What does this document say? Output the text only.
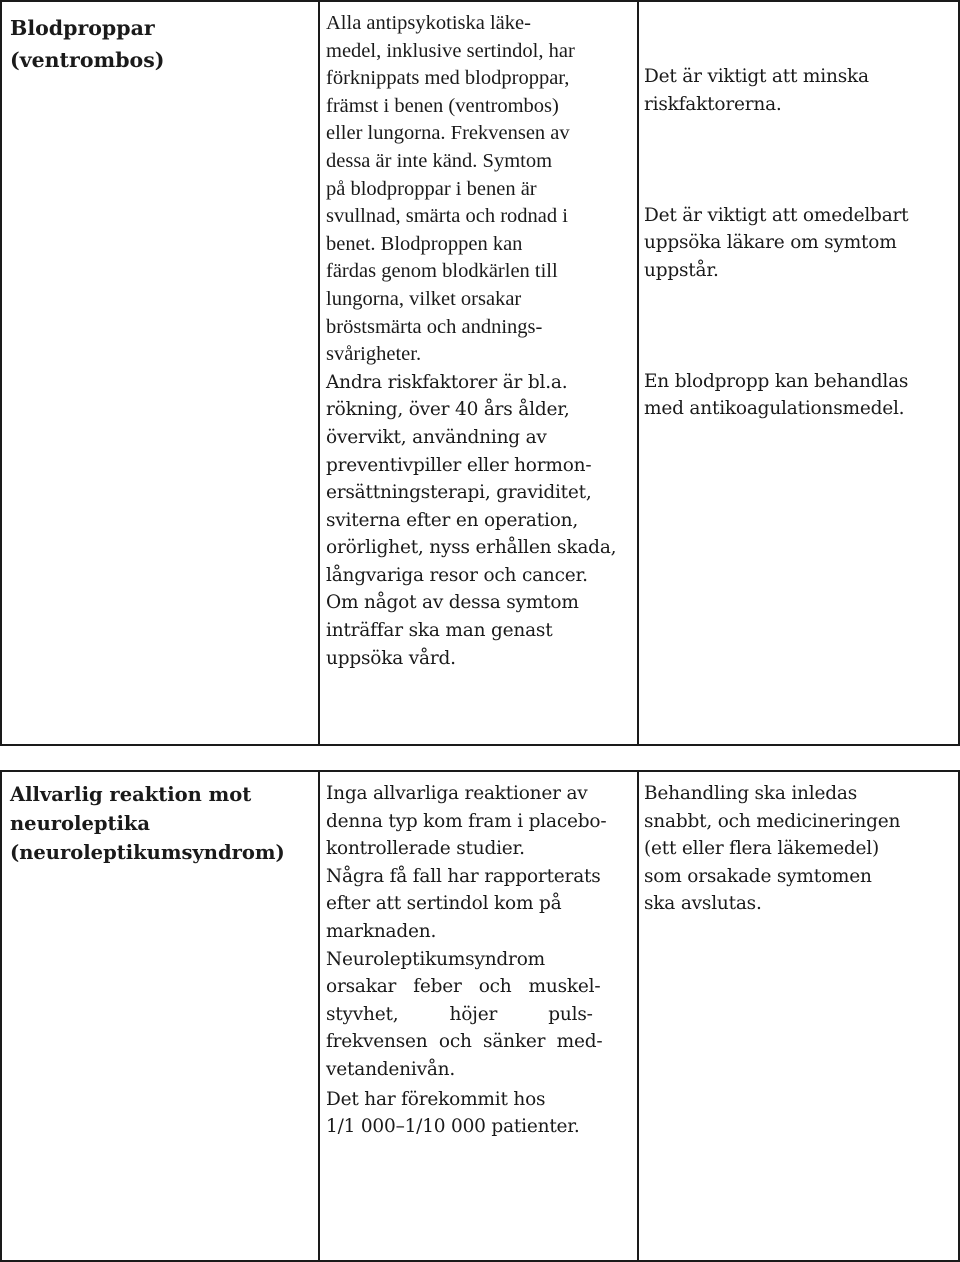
Blodproppar
(ventrombos)
Alla antipsykotiska läke-
medel, inklusive sertindol, har
förknippats med blodproppar,
främst i benen (ventrombos)
eller lungorna. Frekvensen av
dessa är inte känd. Symtom
på blodproppar i benen är
svullnad, smärta och rodnad i
benet. Blodproppen kan
färdas genom blodkärlen till
lungorna, vilket orsakar
bröstsmärta och andnings-
svårigheter.
Andra riskfaktorer är bl.a.
rökning, över 40 års ålder,
övervikt, användning av
preventivpiller eller hormon-
ersättningsterapi, graviditet,
sviterna efter en operation,
orörlighet, nyss erhållen skada,
långvariga resor och cancer.
Om något av dessa symtom
inträffar ska man genast
uppsöka vård.

Det är viktigt att minska
riskfaktorerna.

Det är viktigt att omedelbart
uppsöka läkare om symtom
uppstår.

En blodpropp kan behandlas
med antikoagulationsmedel.

Allvarlig reaktion mot
neuroleptika
(neuroleptikumsyndrom)
Inga allvarliga reaktioner av
denna typ kom fram i placebo-
kontrollerade studier.
Några få fall har rapporterats
efter att sertindol kom på
marknaden.
Neuroleptikumsyndrom
orsakar   feber   och   muskel-
styvhet,         höjer         puls-
frekvensen  och  sänker  med-
vetandenivån.
Det har förekommit hos
1/1 000–1/10 000 patienter.
Behandling ska inledas
snabbt, och medicineringen
(ett eller flera läkemedel)
som orsakade symtomen
ska avslutas.
